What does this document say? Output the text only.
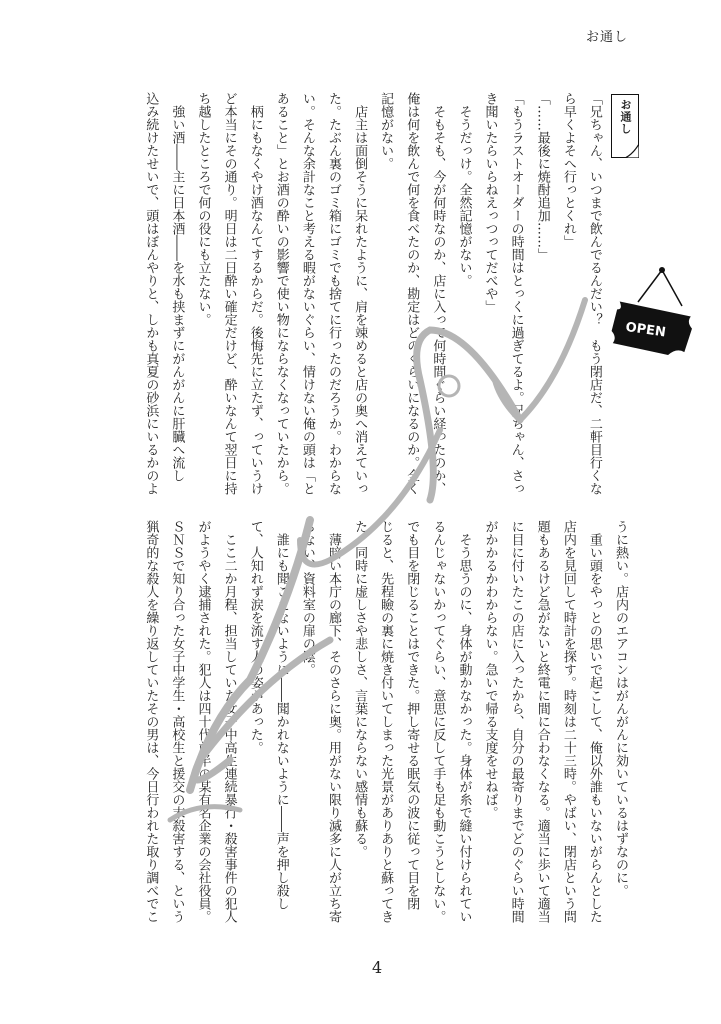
お通し
お通し
「兄ちゃん、いつまで飲んでるんだい？　もう閉店だ、二軒目行くな
ら早くよそへ行っとくれ」
「……最後に焼酎追加……」
「もうラストオーダーの時間はとっくに過ぎてるよ。兄ちゃん、さっ
き聞いたらいらねえっつってだべや」
　そうだっけ。全然記憶がない。
　そもそも、今が何時なのか、店に入って何時間ぐらい経ったのか、
俺は何を飲んで何を食べたのか、勘定はどのぐらいになるのか。全く
記憶がない。
　店主は面倒そうに呆れたように、肩を竦めると店の奥へ消えていっ
た。たぶん裏のゴミ箱にゴミでも捨てに行ったのだろうか。わからな
い。そんな余計なこと考える暇がないぐらい、情けない俺の頭は「と
あること」とお酒の酔いの影響で使い物にならなくなっていたから。
　柄にもなくやけ酒なんてするからだ。後悔先に立たず、っていうけ
ど本当にその通り。明日は二日酔い確定だけど、酔いなんて翌日に持
ち越したところで何の役にも立たない。
　強い酒――主に日本酒――を水も挟まずにがんがんに肝臓へ流し
込み続けたせいで、頭はぼんやりと、しかも真夏の砂浜にいるかのよ
うに熱い。店内のエアコンはがんがんに効いているはずなのに。
　重い頭をやっとの思いで起こして、俺以外誰もいないがらんとした
店内を見回して時計を探す。時刻は二十三時。やばい、閉店という問
題もあるけど急がないと終電に間に合わなくなる。適当に歩いて適当
に目に付いたこの店に入ったから、自分の最寄りまでどのぐらい時間
がかかるかわからない。急いで帰る支度をせねば。
　そう思うのに、身体が動かなかった。身体が糸で縫い付けられてい
るんじゃないかってぐらい、意思に反して手も足も動こうとしない。
でも目を閉じることはできた。押し寄せる眠気の波に従って目を閉
じると、先程瞼の裏に焼き付いてしまった光景がありありと蘇ってき
た。同時に虚しさや悲しさ、言葉にならない感情も蘇る。
　薄暗い本庁の廊下、そのさらに奥。用がない限り滅多に人が立ち寄
らない、資料室の扉の陰。
　誰にも聞こえないように――聞かれないように――声を押し殺し
て、人知れず涙を流す人の姿があった。
　ここ二か月程、担当していた女子中高生連続暴行・殺害事件の犯人
がようやく逮捕された。犯人は四十代前半の某有名企業の会社役員。
ＳＮＳで知り合った女子中学生・高校生と援交の末殺害する、という
猟奇的な殺人を繰り返していたその男は、今日行われた取り調べでこ
OPEN
4
